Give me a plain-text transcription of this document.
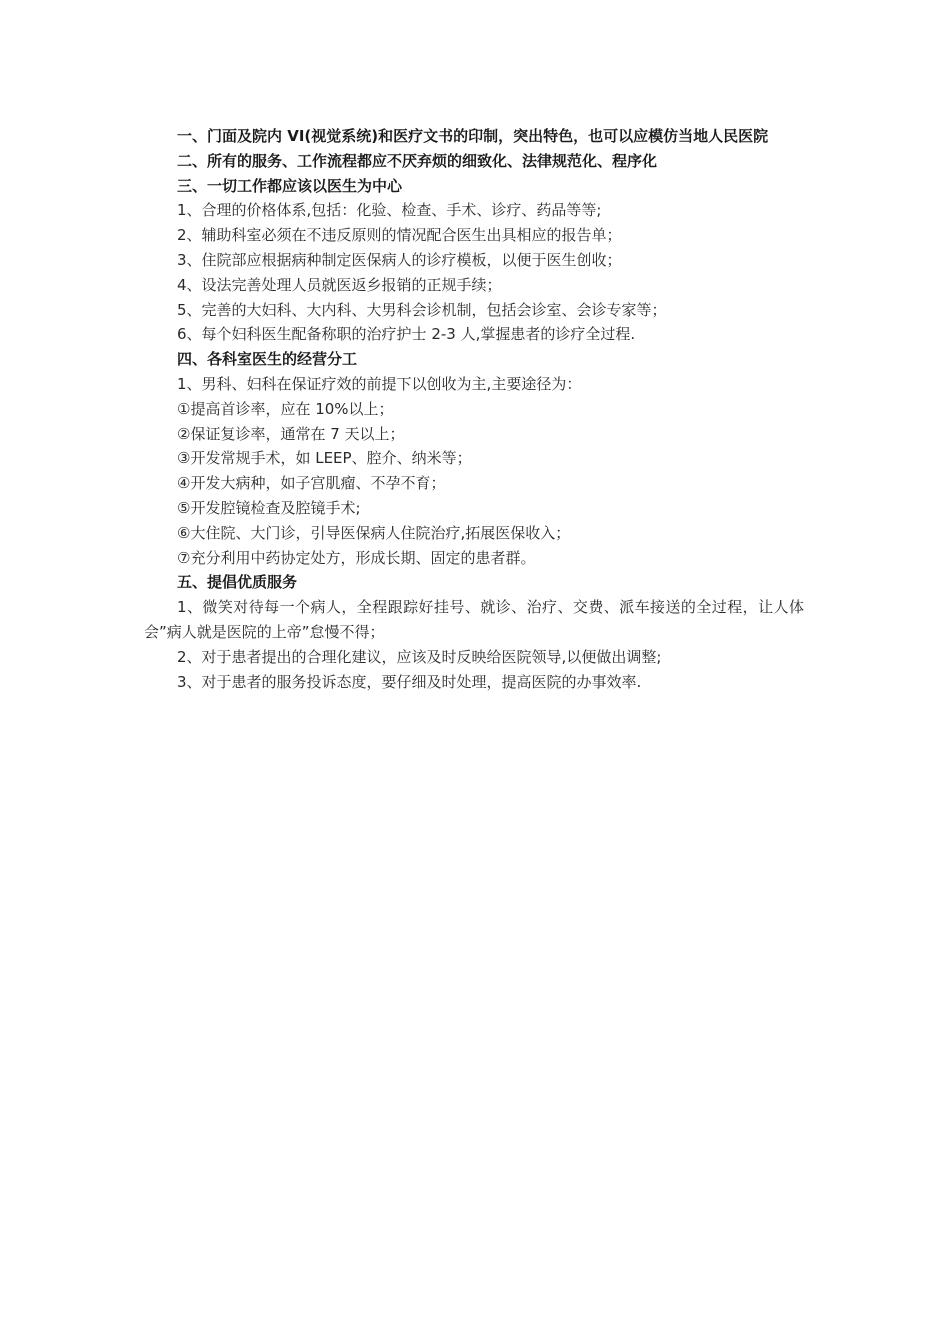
一、门面及院内 VI(视觉系统)和医疗文书的印制，突出特色，也可以应模仿当地人民医院

二、所有的服务、工作流程都应不厌弃烦的细致化、法律规范化、程序化

三、一切工作都应该以医生为中心

1、合理的价格体系,包括：化验、检查、手术、诊疗、药品等等;

2、辅助科室必须在不违反原则的情况配合医生出具相应的报告单；

3、住院部应根据病种制定医保病人的诊疗模板，以便于医生创收；

4、设法完善处理人员就医返乡报销的正规手续；

5、完善的大妇科、大内科、大男科会诊机制，包括会诊室、会诊专家等；

6、每个妇科医生配备称职的治疗护士 2-3 人,掌握患者的诊疗全过程.

四、各科室医生的经营分工

1、男科、妇科在保证疗效的前提下以创收为主,主要途径为：

①提高首诊率，应在 10%以上；

②保证复诊率，通常在 7 天以上；

③开发常规手术，如 LEEP、腔介、纳米等；

④开发大病种，如子宫肌瘤、不孕不育；

⑤开发腔镜检查及腔镜手术;

⑥大住院、大门诊，引导医保病人住院治疗,拓展医保收入；

⑦充分利用中药协定处方，形成长期、固定的患者群。

五、提倡优质服务

1、微笑对待每一个病人，全程跟踪好挂号、就诊、治疗、交费、派车接送的全过程，让人体会”病人就是医院的上帝”怠慢不得；

2、对于患者提出的合理化建议，应该及时反映给医院领导,以便做出调整;

3、对于患者的服务投诉态度，要仔细及时处理，提高医院的办事效率.
